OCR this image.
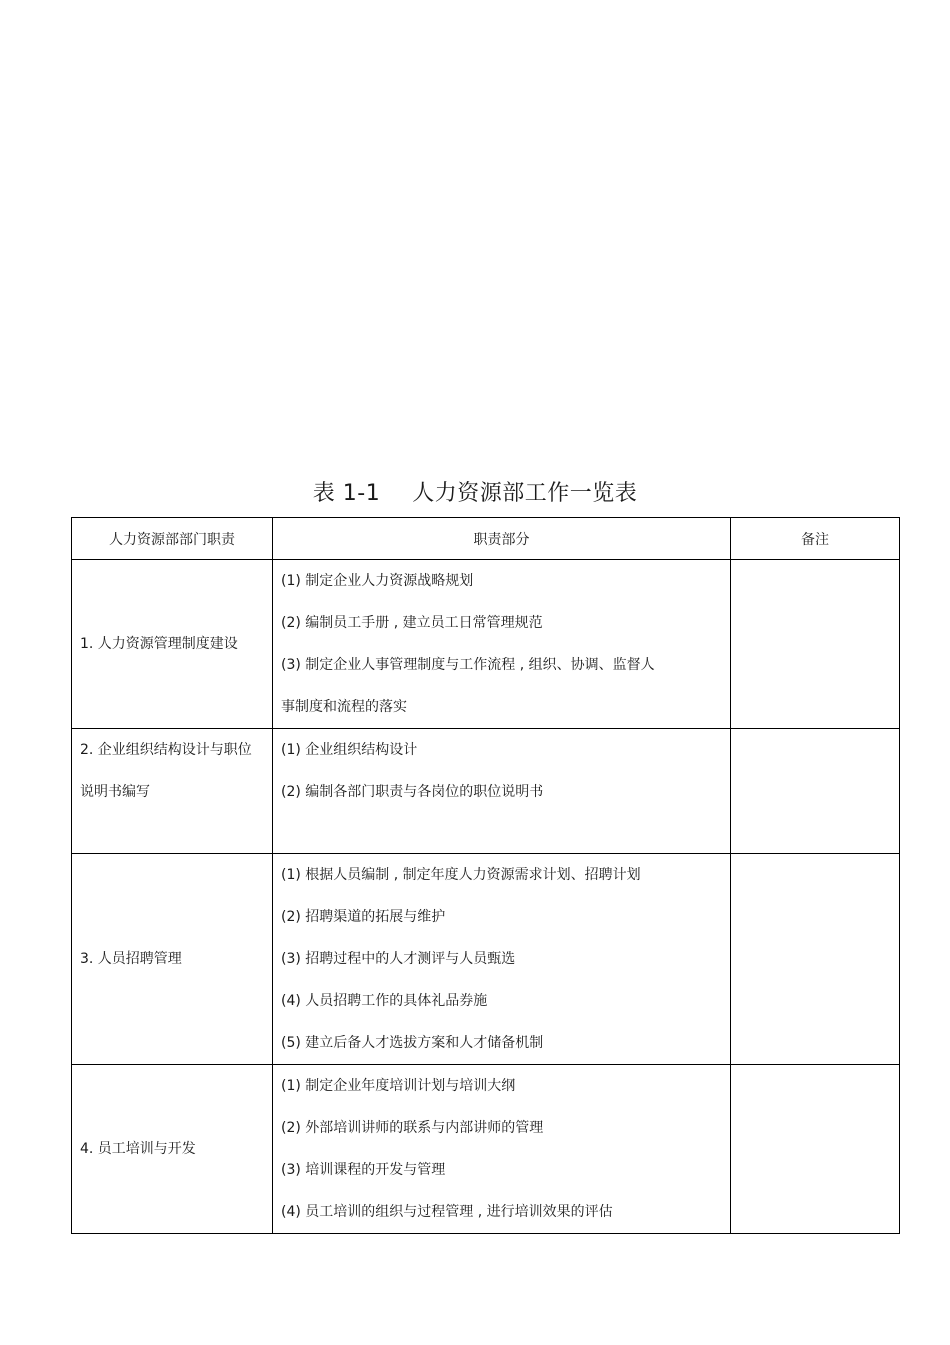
表 1-1 人力资源部工作一览表
人力资源部部门职责	职责部分	备注

1. 人力资源管理制度建设	(1) 制定企业人力资源战略规划
(2) 编制员工手册 , 建立员工日常管理规范
(3) 制定企业人事管理制度与工作流程 , 组织、协调、监督人
事制度和流程的落实	

2. 企业组织结构设计与职位说明书编写	(1) 企业组织结构设计
(2) 编制各部门职责与各岗位的职位说明书	

3. 人员招聘管理	(1) 根据人员编制 , 制定年度人力资源需求计划、招聘计划
(2) 招聘渠道的拓展与维护
(3) 招聘过程中的人才测评与人员甄选
(4) 人员招聘工作的具体礼品券施
(5) 建立后备人才选拔方案和人才储备机制	

4. 员工培训与开发	(1) 制定企业年度培训计划与培训大纲
(2) 外部培训讲师的联系与内部讲师的管理
(3) 培训课程的开发与管理
(4) 员工培训的组织与过程管理 , 进行培训效果的评估	
